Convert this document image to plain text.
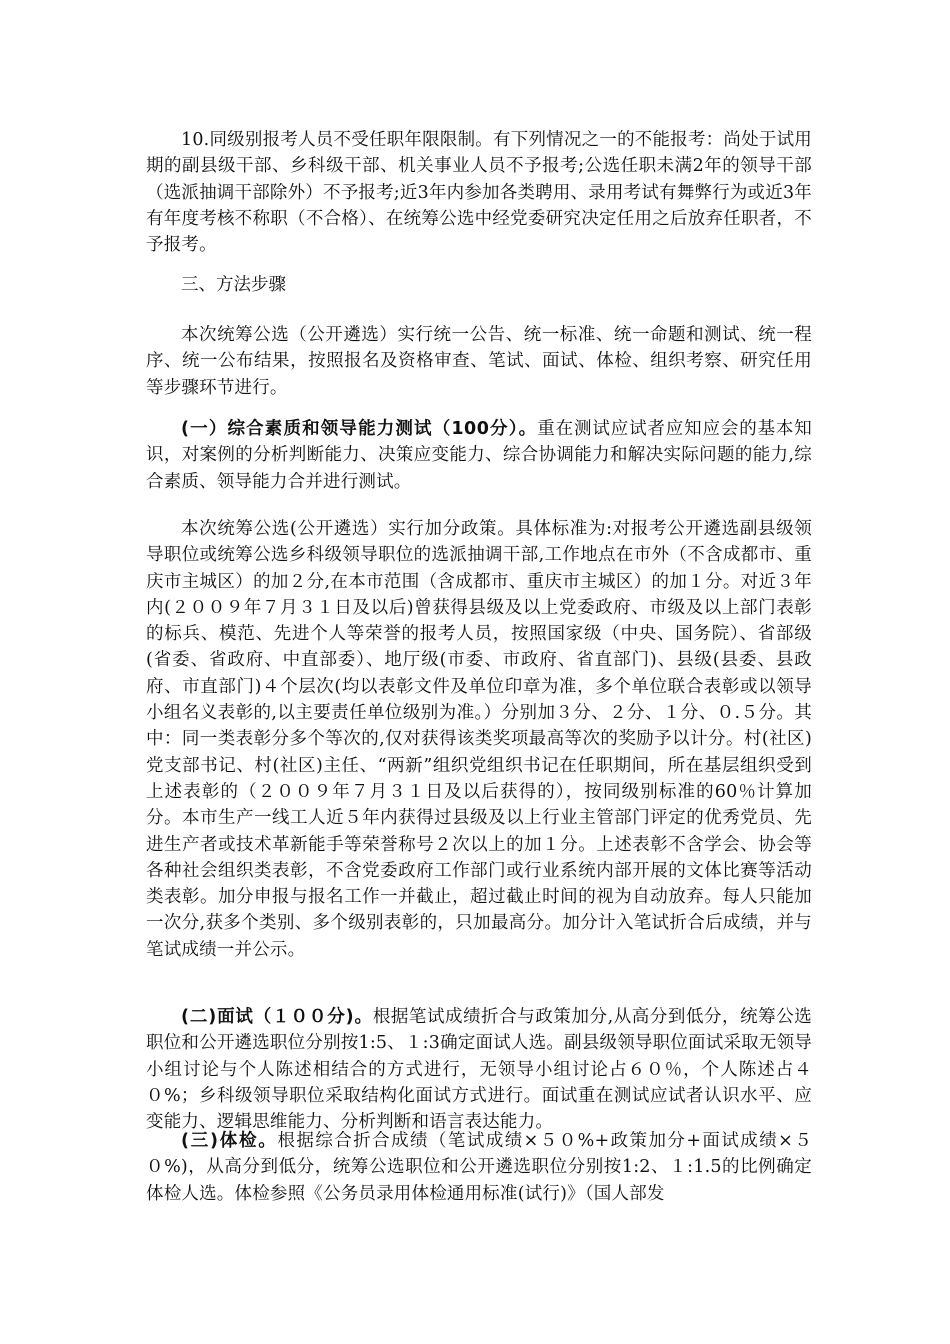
10.同级别报考人员不受任职年限限制。有下列情况之一的不能报考：尚处于试用期的副县级干部、乡科级干部、机关事业人员不予报考;公选任职未满2年的领导干部（选派抽调干部除外）不予报考;近3年内参加各类聘用、录用考试有舞弊行为或近3年有年度考核不称职（不合格）、在统筹公选中经党委研究决定任用之后放弃任职者，不予报考。

三、方法步骤

本次统筹公选（公开遴选）实行统一公告、统一标准、统一命题和测试、统一程序、统一公布结果，按照报名及资格审查、笔试、面试、体检、组织考察、研究任用等步骤环节进行。

(一）综合素质和领导能力测试（100分）。重在测试应试者应知应会的基本知识，对案例的分析判断能力、决策应变能力、综合协调能力和解决实际问题的能力,综合素质、领导能力合并进行测试。

本次统筹公选(公开遴选）实行加分政策。具体标准为:对报考公开遴选副县级领导职位或统筹公选乡科级领导职位的选派抽调干部,工作地点在市外（不含成都市、重庆市主城区）的加２分,在本市范围（含成都市、重庆市主城区）的加１分。对近３年内(２００９年７月３１日及以后)曾获得县级及以上党委政府、市级及以上部门表彰的标兵、模范、先进个人等荣誉的报考人员，按照国家级（中央、国务院）、省部级(省委、省政府、中直部委）、地厅级(市委、市政府、省直部门)、县级(县委、县政府、市直部门)４个层次(均以表彰文件及单位印章为准，多个单位联合表彰或以领导小组名义表彰的,以主要责任单位级别为准。）分别加３分、２分、１分、０.５分。其中：同一类表彰分多个等次的,仅对获得该类奖项最高等次的奖励予以计分。村(社区)党支部书记、村(社区)主任、“两新”组织党组织书记在任职期间，所在基层组织受到上述表彰的（２００９年７月３１日及以后获得的），按同级别标准的60％计算加分。本市生产一线工人近５年内获得过县级及以上行业主管部门评定的优秀党员、先进生产者或技术革新能手等荣誉称号２次以上的加１分。上述表彰不含学会、协会等各种社会组织类表彰，不含党委政府工作部门或行业系统内部开展的文体比赛等活动类表彰。加分申报与报名工作一并截止，超过截止时间的视为自动放弃。每人只能加一次分,获多个类别、多个级别表彰的，只加最高分。加分计入笔试折合后成绩，并与笔试成绩一并公示。

(二)面试（１００分)。根据笔试成绩折合与政策加分,从高分到低分，统筹公选职位和公开遴选职位分别按1:5、１:3确定面试人选。副县级领导职位面试采取无领导小组讨论与个人陈述相结合的方式进行，无领导小组讨论占６０％，个人陈述占４０%；乡科级领导职位采取结构化面试方式进行。面试重在测试应试者认识水平、应变能力、逻辑思维能力、分析判断和语言表达能力。

(三)体检。根据综合折合成绩（笔试成绩×５０%+政策加分+面试成绩×５０%)，从高分到低分，统筹公选职位和公开遴选职位分别按1:2、１:1.5的比例确定体检人选。体检参照《公务员录用体检通用标准(试行)》（国人部发
